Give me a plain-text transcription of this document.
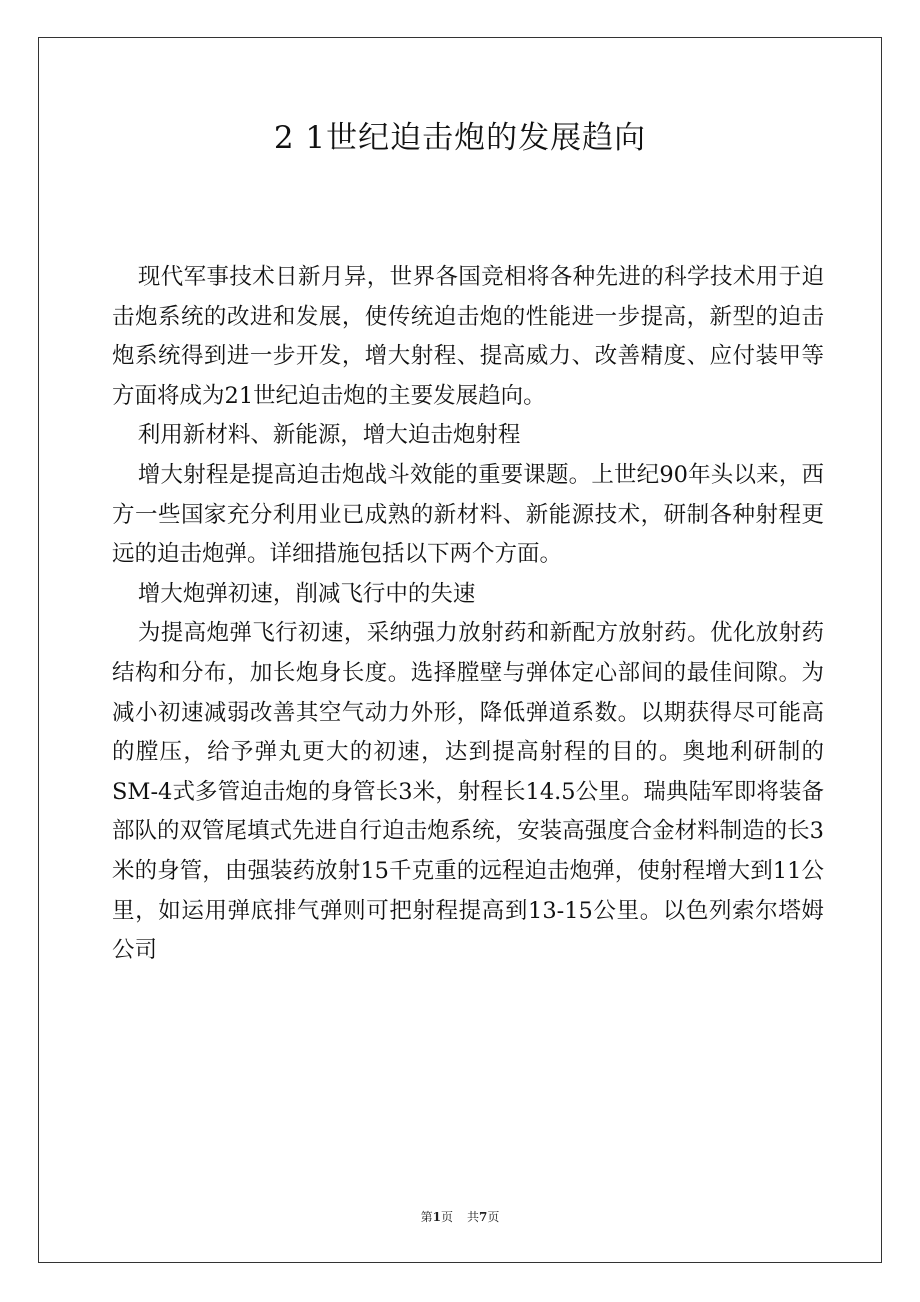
2 1世纪迫击炮的发展趋向

现代军事技术日新月异，世界各国竞相将各种先进的科学技术用于迫击炮系统的改进和发展，使传统迫击炮的性能进一步提高，新型的迫击炮系统得到进一步开发，增大射程、提高威力、改善精度、应付装甲等方面将成为21世纪迫击炮的主要发展趋向。

利用新材料、新能源，增大迫击炮射程

增大射程是提高迫击炮战斗效能的重要课题。上世纪90年头以来，西方一些国家充分利用业已成熟的新材料、新能源技术，研制各种射程更远的迫击炮弹。详细措施包括以下两个方面。

增大炮弹初速，削减飞行中的失速

为提高炮弹飞行初速，采纳强力放射药和新配方放射药。优化放射药结构和分布，加长炮身长度。选择膛壁与弹体定心部间的最佳间隙。为减小初速减弱改善其空气动力外形，降低弹道系数。以期获得尽可能高的膛压，给予弹丸更大的初速，达到提高射程的目的。奥地利研制的SM-4式多管迫击炮的身管长3米，射程长14.5公里。瑞典陆军即将装备部队的双管尾填式先进自行迫击炮系统，安装高强度合金材料制造的长3米的身管，由强装药放射15千克重的远程迫击炮弹，使射程增大到11公里，如运用弹底排气弹则可把射程提高到13-15公里。以色列索尔塔姆公司

第1页 共7页
